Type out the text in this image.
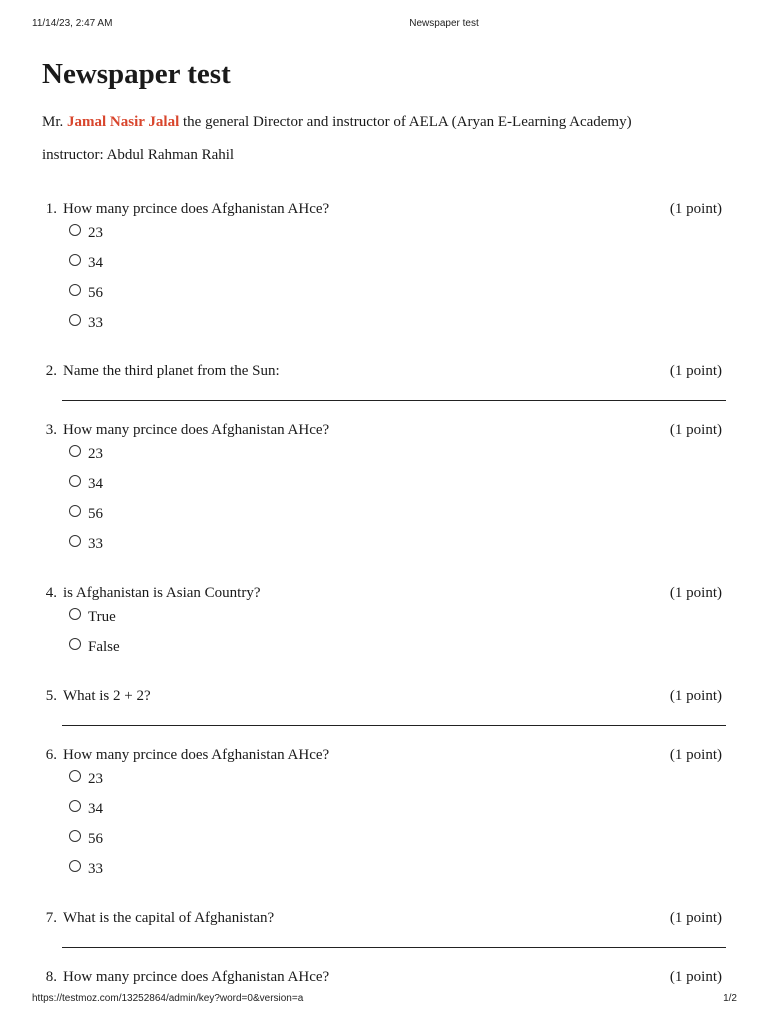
11/14/23, 2:47 AM	Newspaper test
Newspaper test
Mr. Jamal Nasir Jalal the general Director and instructor of AELA (Aryan E-Learning Academy)
instructor: Abdul Rahman Rahil
1. How many prcince does Afghanistan AHce?	(1 point)
23
34
56
33
2. Name the third planet from the Sun:	(1 point)
3. How many prcince does Afghanistan AHce?	(1 point)
23
34
56
33
4. is Afghanistan is Asian Country?	(1 point)
True
False
5. What is 2 + 2?	(1 point)
6. How many prcince does Afghanistan AHce?	(1 point)
23
34
56
33
7. What is the capital of Afghanistan?	(1 point)
8. How many prcince does Afghanistan AHce?	(1 point)
https://testmoz.com/13252864/admin/key?word=0&version=a	1/2
